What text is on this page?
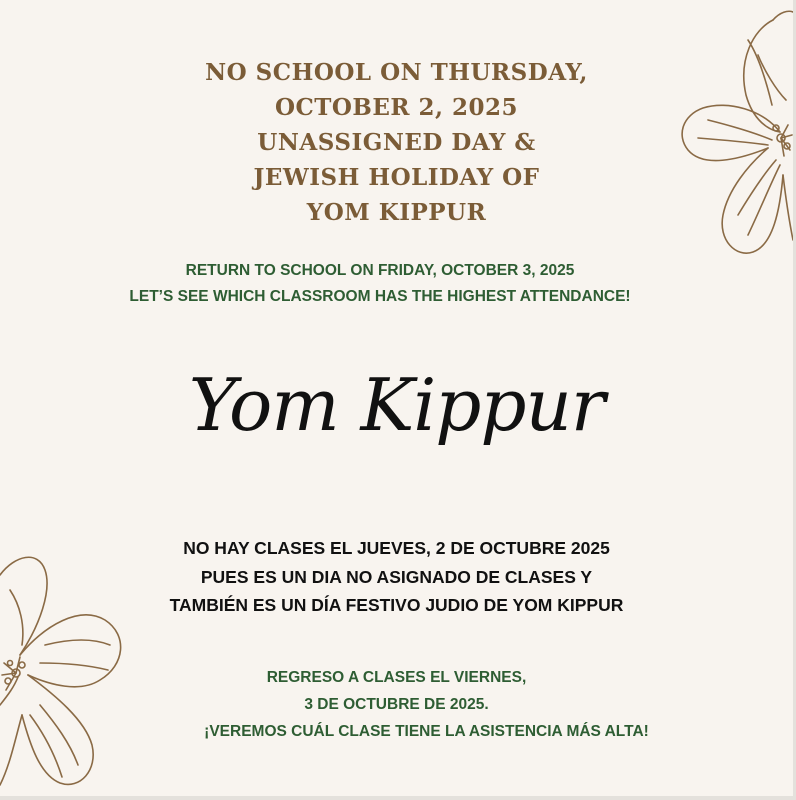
NO SCHOOL ON THURSDAY,
OCTOBER 2, 2025
UNASSIGNED DAY &
JEWISH HOLIDAY OF
YOM KIPPUR
RETURN TO SCHOOL ON FRIDAY, OCTOBER 3, 2025
LET’S SEE WHICH CLASSROOM HAS THE HIGHEST ATTENDANCE!
Yom Kippur
NO HAY CLASES EL JUEVES, 2 DE OCTUBRE 2025
PUES ES UN DIA NO ASIGNADO DE CLASES Y
TAMBIÉN ES UN DÍA FESTIVO JUDIO DE YOM KIPPUR
REGRESO A CLASES EL VIERNES,
3 DE OCTUBRE DE 2025.
¡VEREMOS CUÁL CLASE TIENE LA ASISTENCIA MÁS ALTA!
